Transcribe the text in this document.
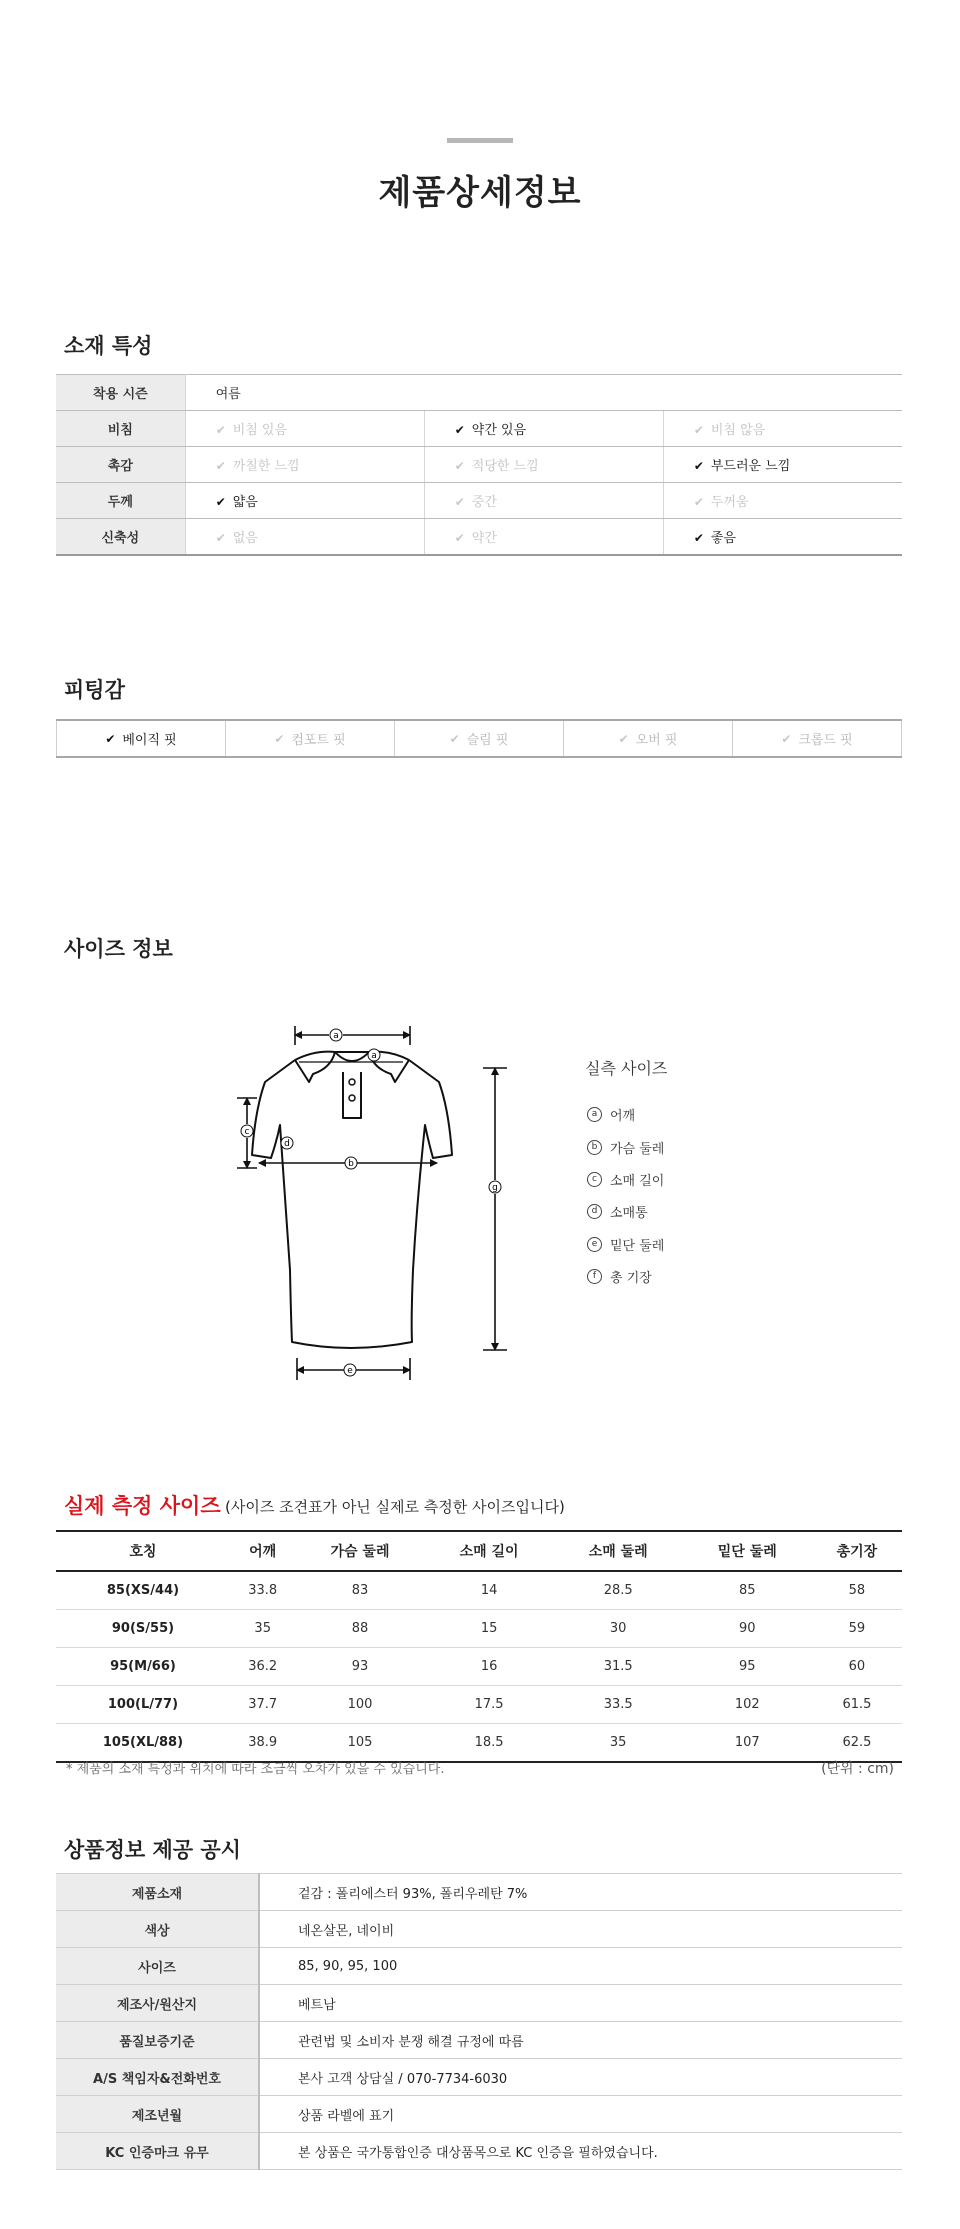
제품상세정보
소재 특성
착용 시즌	여름		
비침	✔ 비침 있음	✔ 약간 있음	✔ 비침 않음
촉감	✔ 까칠한 느낌	✔ 적당한 느낌	✔ 부드러운 느낌
두께	✔ 얇음	✔ 중간	✔ 두꺼움
신축성	✔ 없음	✔ 약간	✔ 좋음
피팅감
✔ 베이직 핏	✔ 컴포트 핏	✔ 슬림 핏	✔ 오버 핏	✔ 크롭드 핏
사이즈 정보
a
a
b
c
d
e
g
실측 사이즈
a 어깨
b 가슴 둘레
c	소매 길이
d 소매통
e 밑단 둘레
f	총 기장
실제 측정 사이즈 (사이즈 조견표가 아닌 실제로 측정한 사이즈입니다)
호칭	어깨	가슴 둘레	소매 길이	소매 둘레	밑단 둘레	총기장
85(XS/44)	33.8	83	14	28.5	85	58
90(S/55)	35	88	15	30	90	59
95(M/66)	36.2	93	16	31.5	95	60
100(L/77)	37.7	100	17.5	33.5	102	61.5
105(XL/88)	38.9	105	18.5	35	107	62.5
* 제품의 소재 특성과 위치에 따라 조금씩 오차가 있을 수 있습니다.	(단위 : cm)
상품정보 제공 공시
제품소재	겉감 : 폴리에스터 93%, 폴리우레탄 7%
색상	네온살몬, 네이비
사이즈	85, 90, 95, 100
제조사/원산지	베트남
품질보증기준	관련법 및 소비자 분쟁 해결 규정에 따름
A/S 책임자&전화번호	본사 고객 상담실 / 070-7734-6030
제조년월	상품 라벨에 표기
KC 인증마크 유무	본 상품은 국가통합인증 대상품목으로 KC 인증을 필하였습니다.
